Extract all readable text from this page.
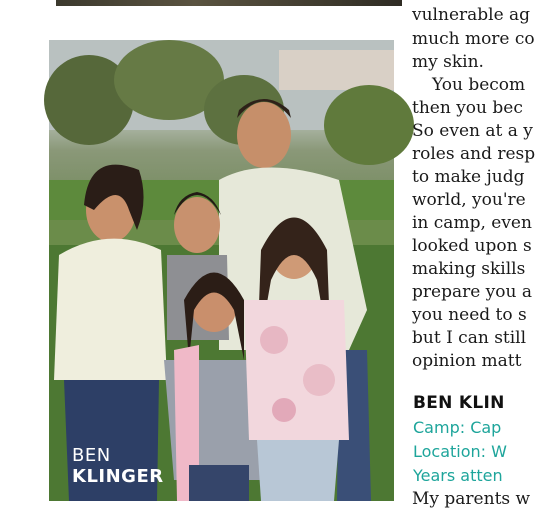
BEN
KLINGER
vulnerable ag
much more co
my skin.
You becom
then you bec
So even at a y
roles and resp
to make judg
world, you're
in camp, even
looked upon s
making skills
prepare you a
you need to s
but I can still
opinion matt
BEN KLIN
Camp: Cap
Location: W
Years atten
My parents w
